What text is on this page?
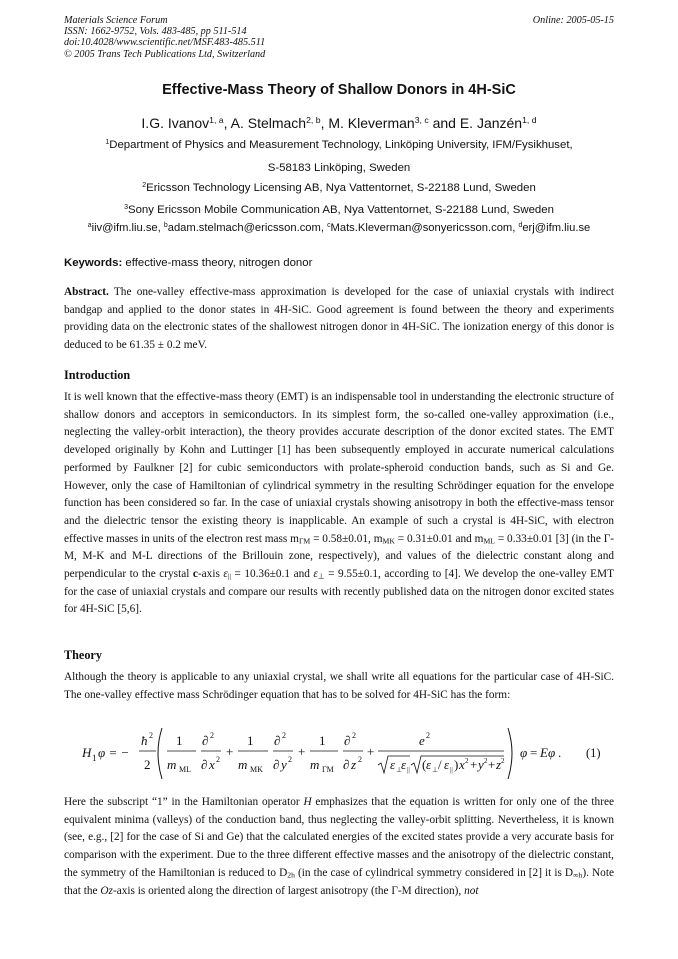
Materials Science Forum
ISSN: 1662-9752, Vols. 483-485, pp 511-514
doi:10.4028/www.scientific.net/MSF.483-485.511
© 2005 Trans Tech Publications Ltd, Switzerland
Online: 2005-05-15
Effective-Mass Theory of Shallow Donors in 4H-SiC
I.G. Ivanov$^{1, a}$, A. Stelmach$^{2, b}$, M. Kleverman$^{3, c}$ and E. Janzén$^{1, d}$
$^1$Department of Physics and Measurement Technology, Linköping University, IFM/Fysikhuset,
S-58183 Linköping, Sweden
$^2$Ericsson Technology Licensing AB, Nya Vattentornet, S-22188 Lund, Sweden
$^3$Sony Ericsson Mobile Communication AB, Nya Vattentornet, S-22188 Lund, Sweden
$^a$iiv@ifm.liu.se, $^b$adam.stelmach@ericsson.com, $^c$Mats.Kleverman@sonyericsson.com, $^d$erj@ifm.liu.se
Keywords: effective-mass theory, nitrogen donor
Abstract. The one-valley effective-mass approximation is developed for the case of uniaxial crystals with indirect bandgap and applied to the donor states in 4H-SiC. Good agreement is found between the theory and experiments providing data on the electronic states of the shallowest nitrogen donor in 4H-SiC. The ionization energy of this donor is deduced to be 61.35 ± 0.2 meV.
Introduction
It is well known that the effective-mass theory (EMT) is an indispensable tool in understanding the electronic structure of shallow donors and acceptors in semiconductors. In its simplest form, the so-called one-valley approximation (i.e., neglecting the valley-orbit interaction), the theory provides accurate description of the donor excited states. The EMT developed originally by Kohn and Luttinger [1] has been subsequently employed in accurate numerical calculations performed by Faulkner [2] for cubic semiconductors with prolate-spheroid conduction bands, such as Si and Ge. However, only the case of Hamiltonian of cylindrical symmetry in the resulting Schrödinger equation for the envelope function has been considered so far. In the case of uniaxial crystals showing anisotropy in both the effective-mass tensor and the dielectric tensor the existing theory is inapplicable. An example of such a crystal is 4H-SiC, with electron effective masses in units of the electron rest mass $m_{\Gamma M} = 0.58\pm 0.01$, $m_{MK} = 0.31\pm 0.01$ and $m_{ML} = 0.33\pm 0.01$ [3] (in the Γ-M, M-K and M-L directions of the Brillouin zone, respectively), and values of the dielectric constant along and perpendicular to the crystal c-axis $\varepsilon_{||} = 10.36\pm 0.1$ and $\varepsilon_\perp = 9.55\pm 0.1$, according to [4]. We develop the one-valley EMT for the case of uniaxial crystals and compare our results with recently published data on the nitrogen donor excited states for 4H-SiC [5,6].
Theory
Although the theory is applicable to any uniaxial crystal, we shall write all equations for the particular case of 4H-SiC. The one-valley effective mass Schrödinger equation that has to be solved for 4H-SiC has the form:
H 1 φ = −
ħ 2
2
1
m ML
∂ 2
∂ x 2
+
1
m MK
∂ 2
∂ y 2
+
1
m ΓM
∂ 2
∂ z 2
+
e 2
ε ⊥
ε || ( ε ⊥ / ε || ) x 2 + y 2 + z 2
φ = Eφ . (1)
Here the subscript “1” in the Hamiltonian operator H emphasizes that the equation is written for only one of the three equivalent minima (valleys) of the conduction band, thus neglecting the valley-orbit splitting. Nevertheless, it is known (see, e.g., [2] for the case of Si and Ge) that the calculated energies of the excited states provide a very accurate basis for comparison with the experiment. Due to the three different effective masses and the anisotropy of the dielectric constant, the symmetry of the Hamiltonian is reduced to $D_{2h}$ (in the case of cylindrical symmetry considered in [2] it is $D_{\infty h}$). Note that the Oz-axis is oriented along the direction of largest anisotropy (the Γ-M direction), not
